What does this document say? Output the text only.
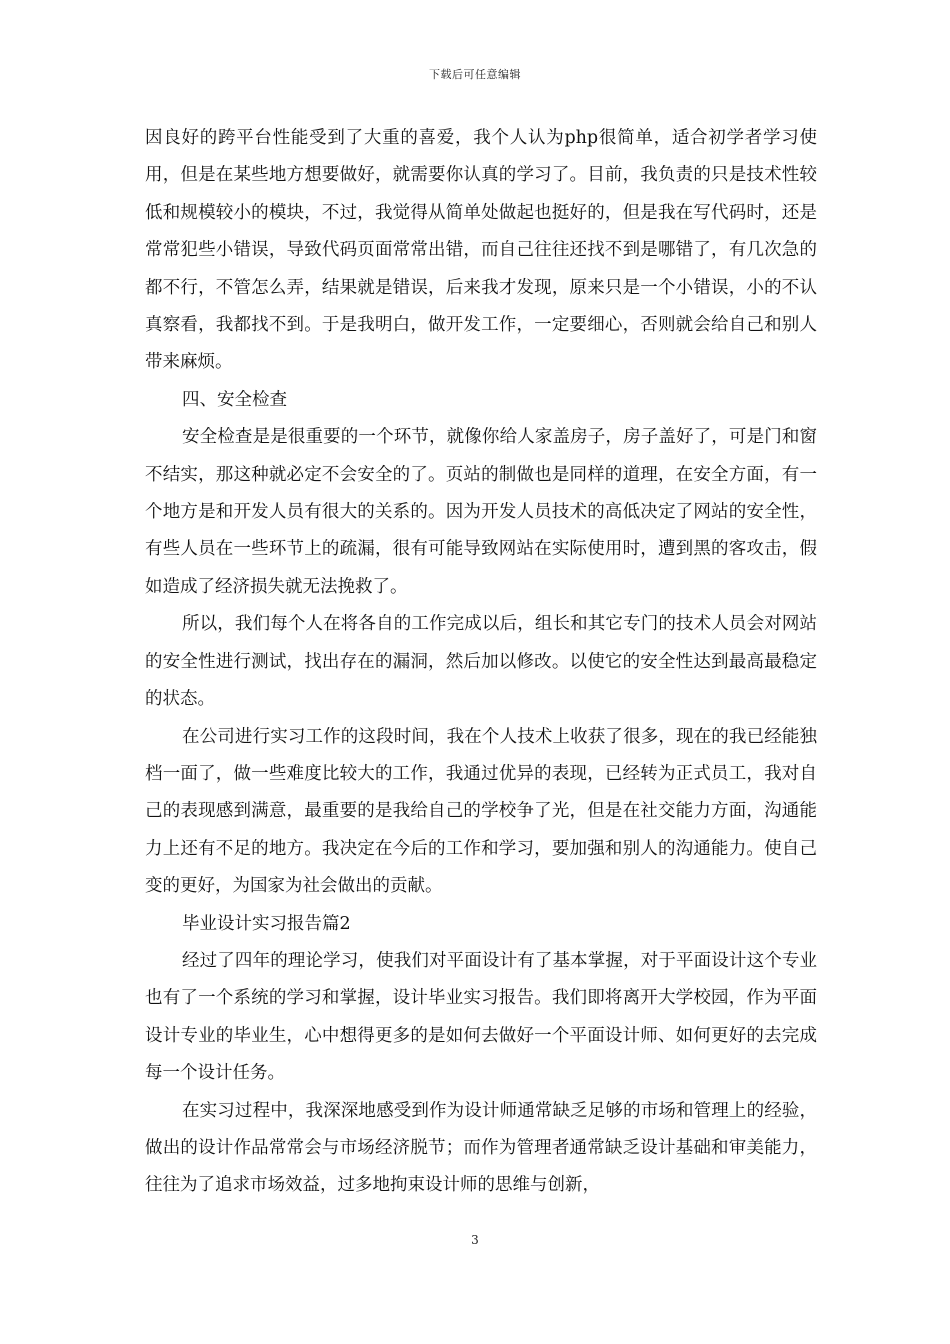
下载后可任意编辑

因良好的跨平台性能受到了大重的喜爱，我个人认为php很简单，适合初学者学习使用，但是在某些地方想要做好，就需要你认真的学习了。目前，我负责的只是技术性较低和规模较小的模块，不过，我觉得从简单处做起也挺好的，但是我在写代码时，还是常常犯些小错误，导致代码页面常常出错，而自己往往还找不到是哪错了，有几次急的都不行，不管怎么弄，结果就是错误，后来我才发现，原来只是一个小错误，小的不认真察看，我都找不到。于是我明白，做开发工作，一定要细心，否则就会给自己和别人带来麻烦。

四、安全检查

安全检查是是很重要的一个环节，就像你给人家盖房子，房子盖好了，可是门和窗不结实，那这种就必定不会安全的了。页站的制做也是同样的道理，在安全方面，有一个地方是和开发人员有很大的关系的。因为开发人员技术的高低决定了网站的安全性，有些人员在一些环节上的疏漏，很有可能导致网站在实际使用时，遭到黑的客攻击，假如造成了经济损失就无法挽救了。

所以，我们每个人在将各自的工作完成以后，组长和其它专门的技术人员会对网站的安全性进行测试，找出存在的漏洞，然后加以修改。以使它的安全性达到最高最稳定的状态。

在公司进行实习工作的这段时间，我在个人技术上收获了很多，现在的我已经能独档一面了，做一些难度比较大的工作，我通过优异的表现，已经转为正式员工，我对自己的表现感到满意，最重要的是我给自己的学校争了光，但是在社交能力方面，沟通能力上还有不足的地方。我决定在今后的工作和学习，要加强和别人的沟通能力。使自己变的更好，为国家为社会做出的贡献。

毕业设计实习报告篇2

经过了四年的理论学习，使我们对平面设计有了基本掌握，对于平面设计这个专业也有了一个系统的学习和掌握，设计毕业实习报告。我们即将离开大学校园，作为平面设计专业的毕业生，心中想得更多的是如何去做好一个平面设计师、如何更好的去完成每一个设计任务。

在实习过程中，我深深地感受到作为设计师通常缺乏足够的市场和管理上的经验，做出的设计作品常常会与市场经济脱节；而作为管理者通常缺乏设计基础和审美能力，往往为了追求市场效益，过多地拘束设计师的思维与创新，

3
